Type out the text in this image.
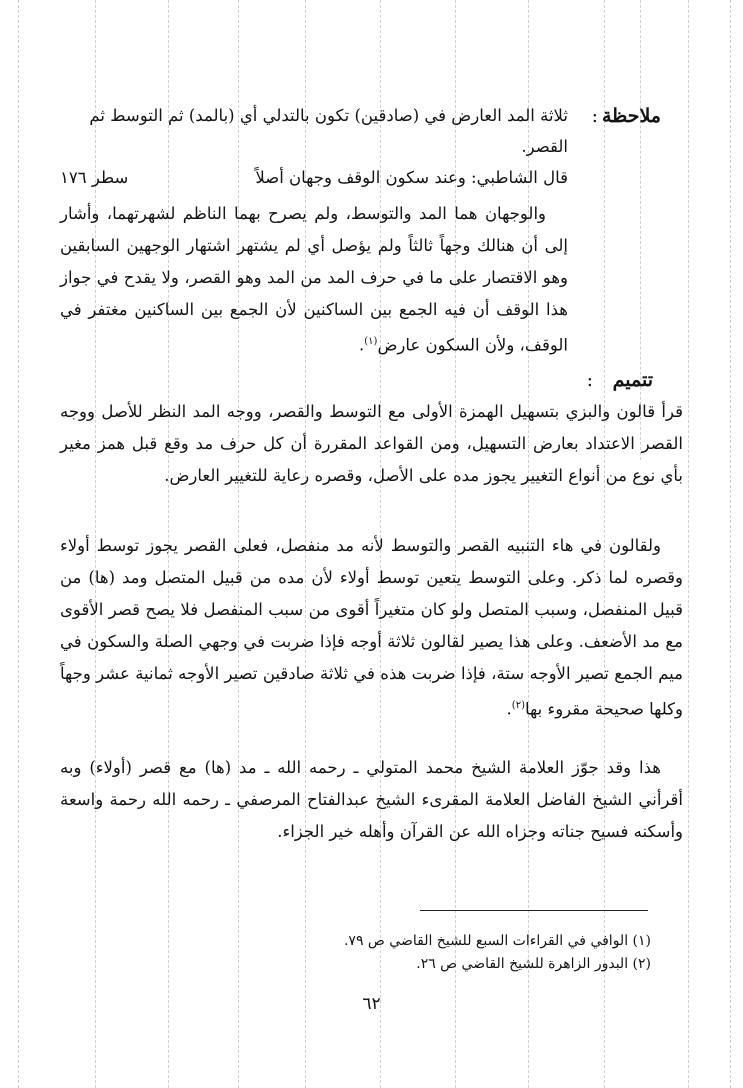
ملاحظة
:

ثلاثة المد العارض في (صادقين) تكون بالتدلي أي (بالمد) ثم التوسط ثم

القصر.

قال الشاطبي: وعند سكون الوقف وجهان أصلاً
سطر ١٧٦

والوجهان هما المد والتوسط، ولم يصرح بهما الناظم لشهرتهما، وأشار إلى أن هنالك وجهاً ثالثاً ولم يؤصل أي لم يشتهر اشتهار الوجهين السابقين وهو الاقتصار على ما في حرف المد من المد وهو القصر، ولا يقدح في جواز هذا الوقف أن فيه الجمع بين الساكنين لأن الجمع بين الساكنين مغتفر في الوقف، ولأن السكون عارض$^{(١)}$.

تتميم
:

قرأ قالون والبزي بتسهيل الهمزة الأولى مع التوسط والقصر، ووجه المد النظر للأصل ووجه القصر الاعتداد بعارض التسهيل، ومن القواعد المقررة أن كل حرف مد وقع قبل همز مغير بأي نوع من أنواع التغيير يجوز مده على الأصل، وقصره رعاية للتغيير العارض.

ولقالون في هاء التنبيه القصر والتوسط لأنه مد منفصل، فعلى القصر يجوز توسط أولاء وقصره لما ذكر. وعلى التوسط يتعين توسط أولاء لأن مده من قبيل المتصل ومد (ها) من قبيل المنفصل، وسبب المتصل ولو كان متغيراً أقوى من سبب المنفصل فلا يصح قصر الأقوى مع مد الأضعف. وعلى هذا يصير لقالون ثلاثة أوجه فإذا ضربت في وجهي الصلة والسكون في ميم الجمع تصير الأوجه ستة، فإذا ضربت هذه في ثلاثة صادقين تصير الأوجه ثمانية عشر وجهاً وكلها صحيحة مقروء بها$^{(٢)}$.

هذا وقد جوّز العلامة الشيخ محمد المتولي ـ رحمه الله ـ مد (ها) مع قصر (أولاء) وبه أقرأني الشيخ الفاضل العلامة المقرىء الشيخ عبدالفتاح المرصفي ـ رحمه الله رحمة واسعة وأسكنه فسيح جناته وجزاه الله عن القرآن وأهله خير الجزاء.

(١) الوافي في القراءات السبع للشيخ القاضي ص ٧٩.
(٢) البدور الزاهرة للشيخ القاضي ص ٢٦.
٦٢
